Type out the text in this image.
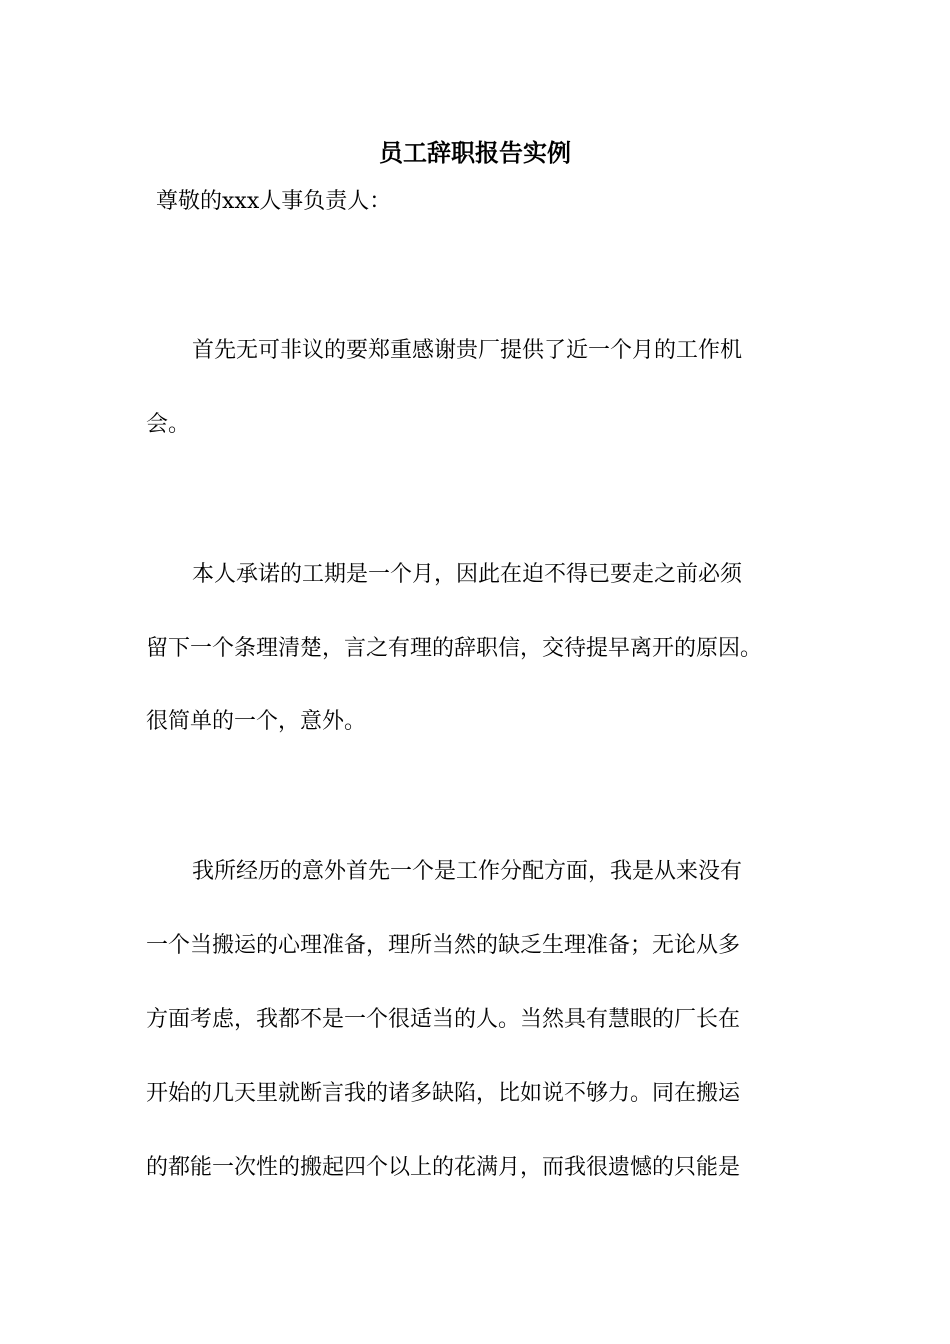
员工辞职报告实例
尊敬的xxx人事负责人：
首先无可非议的要郑重感谢贵厂提供了近一个月的工作机
会。
本人承诺的工期是一个月，因此在迫不得已要走之前必须
留下一个条理清楚，言之有理的辞职信，交待提早离开的原因。
很简单的一个，意外。
我所经历的意外首先一个是工作分配方面，我是从来没有
一个当搬运的心理准备，理所当然的缺乏生理准备；无论从多
方面考虑，我都不是一个很适当的人。当然具有慧眼的厂长在
开始的几天里就断言我的诸多缺陷，比如说不够力。同在搬运
的都能一次性的搬起四个以上的花满月，而我很遗憾的只能是
